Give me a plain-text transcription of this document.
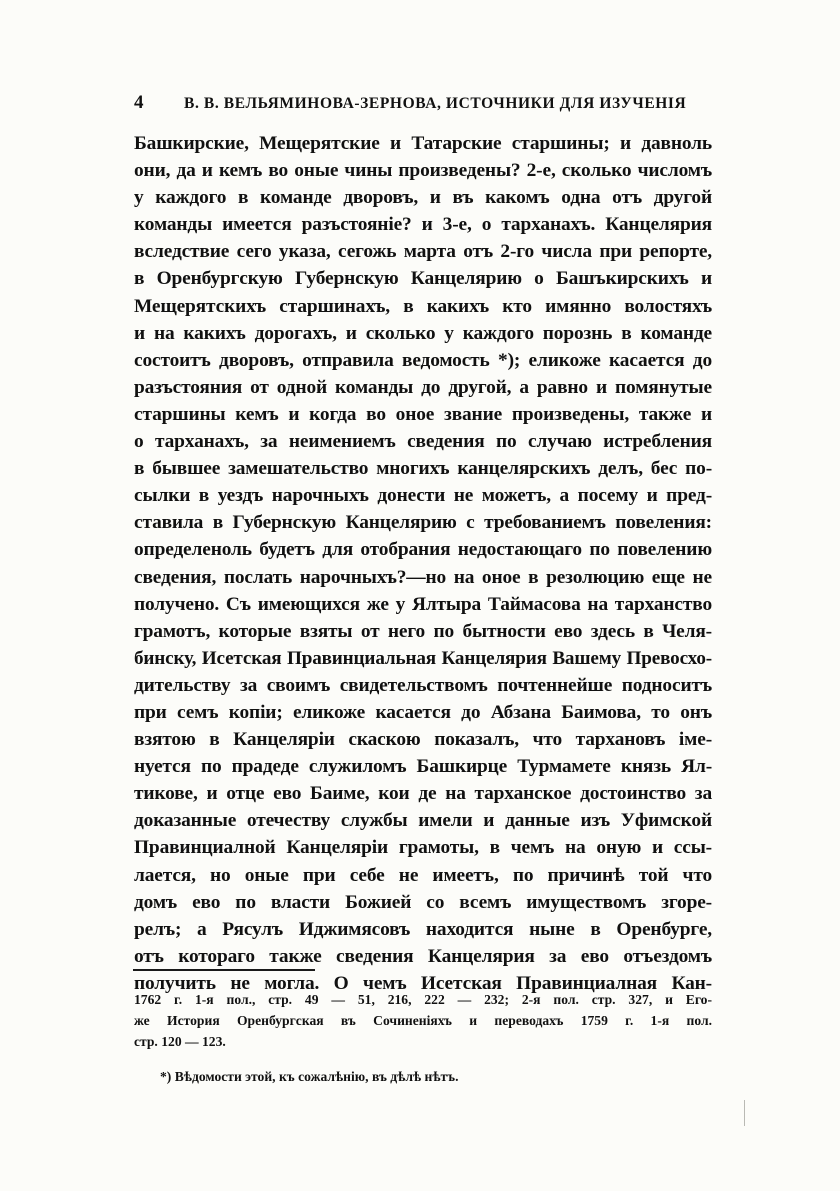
4	В. В. ВЕЛЬЯМИНОВА-ЗЕРНОВА, ИСТОЧНИКИ ДЛЯ ИЗУЧЕНІЯ
Башкирские, Мещерятские и Татарские старшины; и давноль
они, да и кемъ во оные чины произведены? 2-е, сколько числомъ
у каждого в команде дворовъ, и въ какомъ одна отъ другой
команды имеется разъстояніе? и 3-е, о тарханахъ. Канцелярия
вследствие сего указа, сегожь марта отъ 2-го числа при репорте,
в Оренбургскую Губернскую Канцелярию о Башъкирскихъ и
Мещерятскихъ старшинахъ, в какихъ кто имянно волостяхъ
и на какихъ дорогахъ, и сколько у каждого порознь в команде
состоитъ дворовъ, отправила ведомость *); еликоже касается до
разъстояния от одной команды до другой, а равно и помянутые
старшины кемъ и когда во оное звание произведены, также и
о тарханахъ, за неимениемъ сведения по случаю истребления
в бывшее замешательство многихъ канцелярскихъ делъ, бес по-
сылки в уездъ нарочныхъ донести не можетъ, а посему и пред-
ставила в Губернскую Канцелярию с требованиемъ повеления:
определеноль будетъ для отобрания недостающаго по повелению
сведения, послать нарочныхъ?—но на оное в резолюцию еще не
получено. Съ имеющихся же у Ялтыра Таймасова на тарханство
грамотъ, которые взяты от него по бытности ево здесь в Челя-
бинску, Исетская Правинциальная Канцелярия Вашему Превосхо-
дительству за своимъ свидетельствомъ почтеннейше подноситъ
при семъ копіи; еликоже касается до Абзана Баимова, то онъ
взятою в Канцеляріи скаскою показалъ, что тархановъ іме-
нуется по прадеде служиломъ Башкирце Турмамете князь Ял-
тикове, и отце ево Баиме, кои де на тарханское достоинство за
доказанные отечеству службы имели и данные изъ Уфимской
Правинциалной Канцеляріи грамоты, в чемъ на оную и ссы-
лается, но оные при себе не имеетъ, по причинѣ той что
домъ ево по власти Божией со всемъ имуществомъ згоре-
релъ; а Рясулъ Иджимясовъ находится ныне в Оренбурге,
отъ котораго также сведения Канцелярия за ево отъездомъ
получить не могла. О чемъ Исетская Правинциалная Кан-
1762 г. 1-я пол., стр. 49 — 51, 216, 222 — 232; 2-я пол. стр. 327, и Его-
же История Оренбургская въ Сочиненіяхъ и переводахъ 1759 г. 1-я пол.
стр. 120 — 123.
*) Вѣдомости этой, къ сожалѣнію, въ дѣлѣ нѣтъ.
